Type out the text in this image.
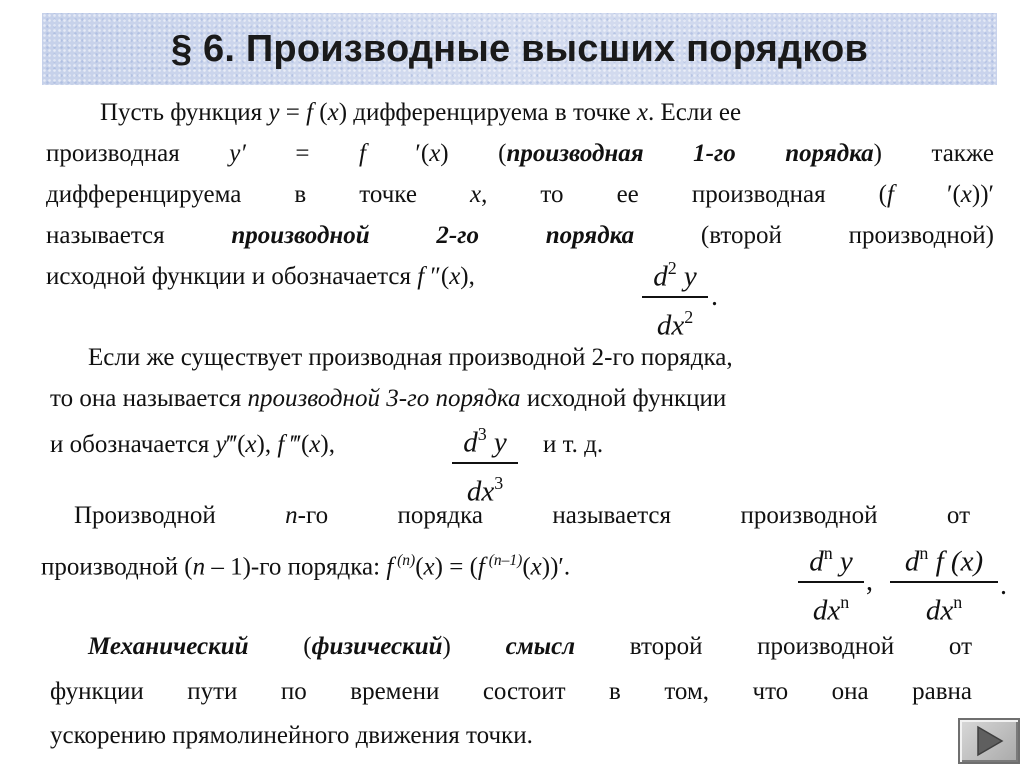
§ 6. Производные высших порядков
Пусть функция y = f (x) дифференцируема в точке x. Если ее
производная y′ = f ′(x) (производная 1-го порядка) также
дифференцируема в точке x, то ее производная (f ′(x))′
называется производной 2-го порядка (второй производной)
исходной функции и обозначается f ″(x),	$\frac{d^2 y}{dx^2}$ .
Если же существует производная производной 2-го порядка,
то она называется производной 3-го порядка исходной функции
и обозначается y‴(x), f ‴(x),	$\frac{d^3 y}{dx^3}$ и т. д.
Производной n-го порядка называется производной от
производной (n – 1)-го порядка: f $^{(n)}$(x) = (f $^{(n-1)}$(x))′.	$d^n$ y
$dx^n$
,
$d^n$ f (x)
$dx^n$
.
Механический (физический) смысл второй производной от
функции пути по времени состоит в том, что она равна
ускорению прямолинейного движения точки.
